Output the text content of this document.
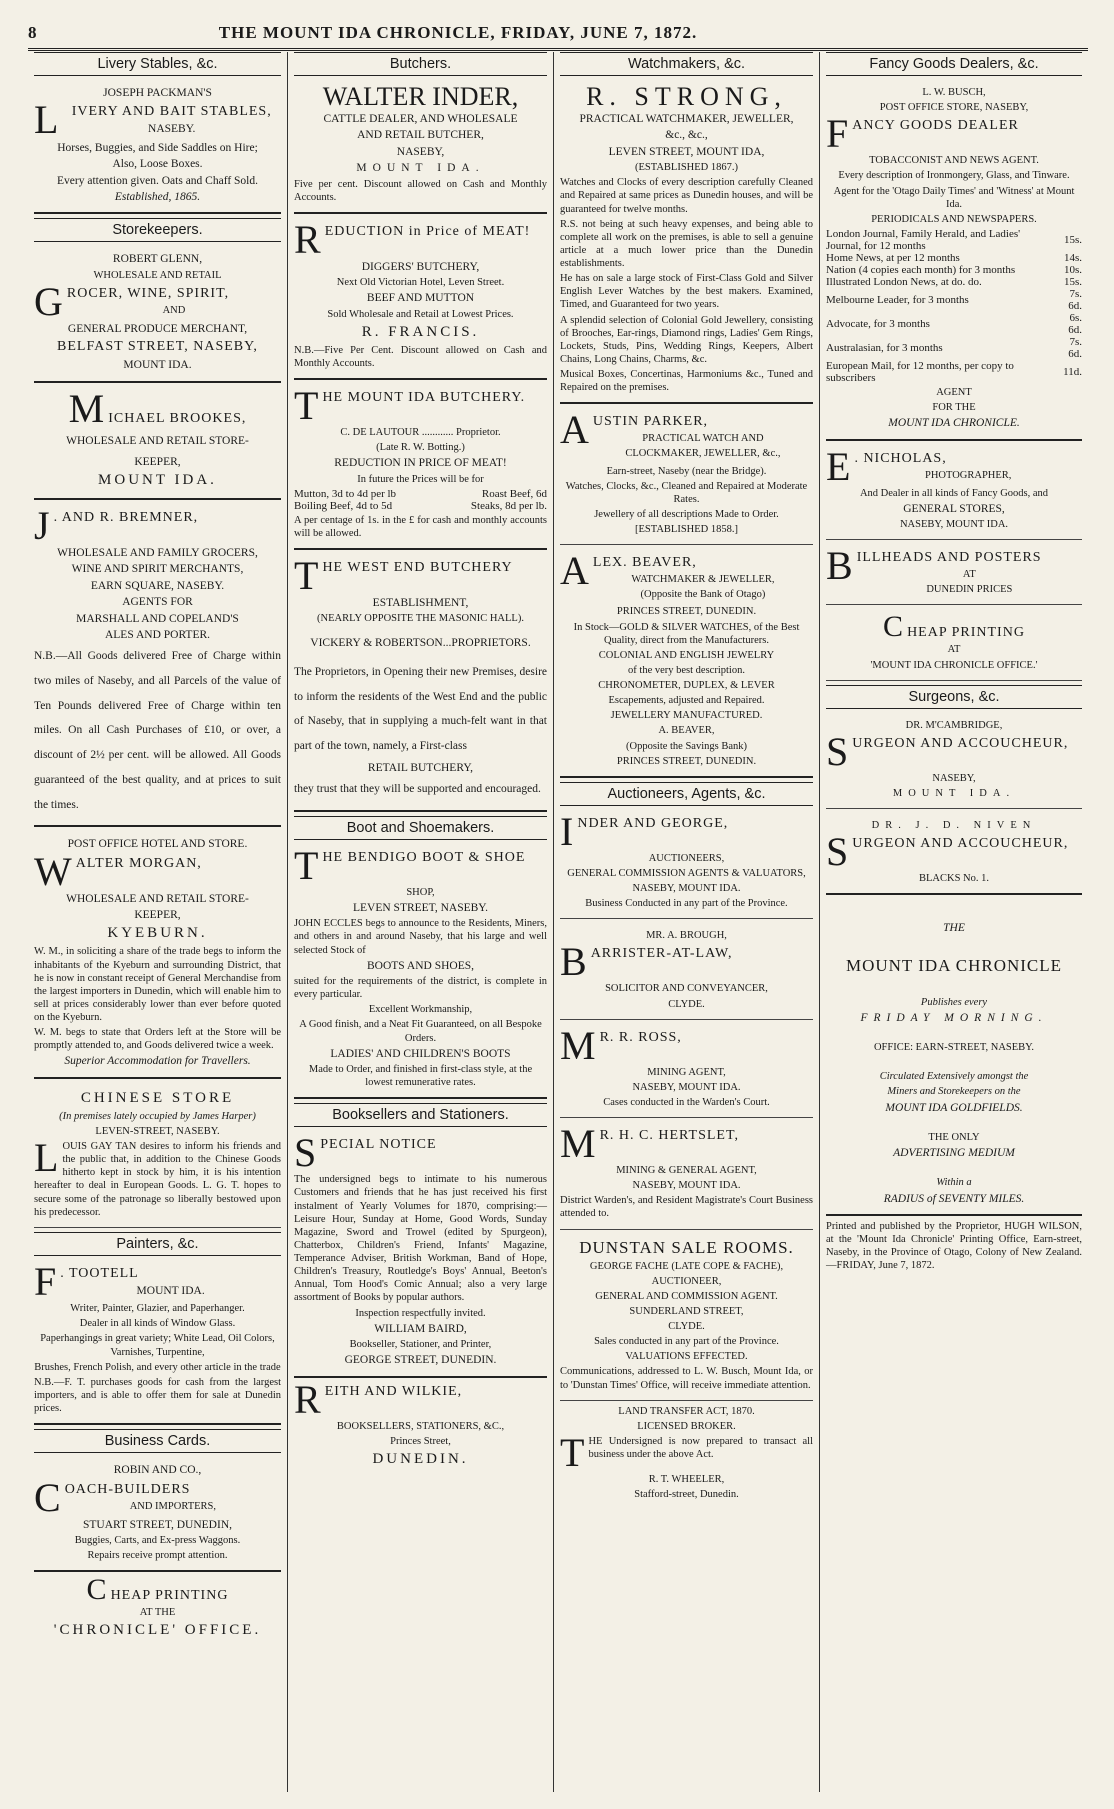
8	THE MOUNT IDA CHRONICLE, FRIDAY, JUNE 7, 1872.
Livery Stables, &c.
JOSEPH PACKMAN'S
LIVERY AND BAIT STABLES,
NASEBY.
Horses, Buggies, and Side Saddles on Hire;
Also, Loose Boxes.
Every attention given. Oats and Chaff Sold.
Established, 1865.
Storekeepers.
ROBERT GLENN,
WHOLESALE AND RETAIL
GROCER, WINE, SPIRIT,
AND
GENERAL PRODUCE MERCHANT,
BELFAST STREET, NASEBY,
MOUNT IDA.
MICHAEL BROOKES,
WHOLESALE AND RETAIL STORE-
KEEPER,
MOUNT IDA.
J . AND R. BREMNER,
WHOLESALE AND FAMILY GROCERS,
WINE AND SPIRIT MERCHANTS,
EARN SQUARE, NASEBY.
AGENTS FOR
MARSHALL AND COPELAND'S
ALES AND PORTER.
N.B.—All Goods delivered Free of Charge within two miles of Naseby, and all Parcels of the value of Ten Pounds delivered Free of Charge within ten miles. On all Cash Purchases of £10, or over, a discount of 2½ per cent. will be allowed. All Goods guaranteed of the best quality, and at prices to suit the times.
POST OFFICE HOTEL AND STORE.
WALTER MORGAN,
WHOLESALE AND RETAIL STORE-
KEEPER,
KYEBURN.
W. M., in soliciting a share of the trade begs to inform the inhabitants of the Kyeburn and surrounding District, that he is now in constant receipt of General Merchandise from the largest importers in Dunedin, which will enable him to sell at prices considerably lower than ever before quoted on the Kyeburn.
W. M. begs to state that Orders left at the Store will be promptly attended to, and Goods delivered twice a week.
Superior Accommodation for Travellers.
CHINESE STORE
(In premises lately occupied by James Harper)
LEVEN-STREET, NASEBY.
LOUIS GAY TAN desires to inform his friends and the public that, in addition to the Chinese Goods hitherto kept in stock by him, it is his intention hereafter to deal in European Goods. L. G. T. hopes to secure some of the patronage so liberally bestowed upon his predecessor.
Painters, &c.
F . TOOTELL
MOUNT IDA.
Writer, Painter, Glazier, and Paperhanger.
Dealer in all kinds of Window Glass.
Paperhangings in great variety; White Lead, Oil Colors, Varnishes, Turpentine,
Brushes, French Polish, and every other article in the trade
N.B.—F. T. purchases goods for cash from the largest importers, and is able to offer them for sale at Dunedin prices.
Business Cards.
ROBIN AND CO.,
COACH-BUILDERS
AND IMPORTERS,
STUART STREET, DUNEDIN,
Buggies, Carts, and Ex-press Waggons.
Repairs receive prompt attention.
CHEAP PRINTING
AT THE
'CHRONICLE' OFFICE.
Butchers.
WALTER INDER,
CATTLE DEALER, AND WHOLESALE
AND RETAIL BUTCHER,
NASEBY,
MOUNT IDA.
Five per cent. Discount allowed on Cash and Monthly Accounts.
REDUCTION in Price of MEAT!
DIGGERS' BUTCHERY,
Next Old Victorian Hotel, Leven Street.
BEEF AND MUTTON
Sold Wholesale and Retail at Lowest Prices.
R. FRANCIS.
N.B.—Five Per Cent. Discount allowed on Cash and Monthly Accounts.
THE MOUNT IDA BUTCHERY.
C. DE LAUTOUR ............ Proprietor.
(Late R. W. Botting.)
REDUCTION IN PRICE OF MEAT!
In future the Prices will be for
Mutton, 3d to 4d per lb	Roast Beef, 6d
Boiling Beef, 4d to 5d	Steaks, 8d per lb.
A per centage of 1s. in the £ for cash and monthly accounts will be allowed.
THE WEST END BUTCHERY
ESTABLISHMENT,
(NEARLY OPPOSITE THE MASONIC HALL).
VICKERY & ROBERTSON...PROPRIETORS.
The Proprietors, in Opening their new Premises, desire to inform the residents of the West End and the public of Naseby, that in supplying a much-felt want in that part of the town, namely, a First-class
RETAIL BUTCHERY,
they trust that they will be supported and encouraged.
Boot and Shoemakers.
THE BENDIGO BOOT & SHOE
SHOP,
LEVEN STREET, NASEBY.
JOHN ECCLES begs to announce to the Residents, Miners, and others in and around Naseby, that his large and well selected Stock of
BOOTS AND SHOES,
suited for the requirements of the district, is complete in every particular.
Excellent Workmanship,
A Good finish, and a Neat Fit Guaranteed, on all Bespoke Orders.
LADIES' AND CHILDREN'S BOOTS
Made to Order, and finished in first-class style, at the lowest remunerative rates.
Booksellers and Stationers.
SPECIAL NOTICE
The undersigned begs to intimate to his numerous Customers and friends that he has just received his first instalment of Yearly Volumes for 1870, comprising:—Leisure Hour, Sunday at Home, Good Words, Sunday Magazine, Sword and Trowel (edited by Spurgeon), Chatterbox, Children's Friend, Infants' Magazine, Temperance Adviser, British Workman, Band of Hope, Children's Treasury, Routledge's Boys' Annual, Beeton's Annual, Tom Hood's Comic Annual; also a very large assortment of Books by popular authors.
Inspection respectfully invited.
WILLIAM BAIRD,
Bookseller, Stationer, and Printer,
GEORGE STREET, DUNEDIN.
REITH AND WILKIE,
BOOKSELLERS, STATIONERS, &C.,
Princes Street,
DUNEDIN.
Watchmakers, &c.
R. STRONG,
PRACTICAL WATCHMAKER, JEWELLER,
&c., &c.,
LEVEN STREET, MOUNT IDA,
(ESTABLISHED 1867.)
Watches and Clocks of every description carefully Cleaned and Repaired at same prices as Dunedin houses, and will be guaranteed for twelve months.
R.S. not being at such heavy expenses, and being able to complete all work on the premises, is able to sell a genuine article at a much lower price than the Dunedin establishments.
He has on sale a large stock of First-Class Gold and Silver English Lever Watches by the best makers. Examined, Timed, and Guaranteed for two years.
A splendid selection of Colonial Gold Jewellery, consisting of Brooches, Ear-rings, Diamond rings, Ladies' Gem Rings, Lockets, Studs, Pins, Wedding Rings, Keepers, Albert Chains, Long Chains, Charms, &c.
Musical Boxes, Concertinas, Harmoniums &c., Tuned and Repaired on the premises.
AUSTIN PARKER,
PRACTICAL WATCH AND
CLOCKMAKER, JEWELLER, &c.,
Earn-street, Naseby (near the Bridge).
Watches, Clocks, &c., Cleaned and Repaired at Moderate Rates.
Jewellery of all descriptions Made to Order.
[ESTABLISHED 1858.]
ALEX. BEAVER,
WATCHMAKER & JEWELLER,
(Opposite the Bank of Otago)
PRINCES STREET, DUNEDIN.
In Stock—GOLD & SILVER WATCHES, of the Best Quality, direct from the Manufacturers.
COLONIAL AND ENGLISH JEWELRY
of the very best description.
CHRONOMETER, DUPLEX, & LEVER
Escapements, adjusted and Repaired.
JEWELLERY MANUFACTURED.
A. BEAVER,
(Opposite the Savings Bank)
PRINCES STREET, DUNEDIN.
Auctioneers, Agents, &c.
INDER AND GEORGE,
AUCTIONEERS,
GENERAL COMMISSION AGENTS & VALUATORS,
NASEBY, MOUNT IDA.
Business Conducted in any part of the Province.
MR. A. BROUGH,
BARRISTER-AT-LAW,
SOLICITOR AND CONVEYANCER,
CLYDE.
M R. R. ROSS,
MINING AGENT,
NASEBY, MOUNT IDA.
Cases conducted in the Warden's Court.
M R. H. C. HERTSLET,
MINING & GENERAL AGENT,
NASEBY, MOUNT IDA.
District Warden's, and Resident Magistrate's Court Business attended to.
DUNSTAN SALE ROOMS.
GEORGE FACHE (LATE COPE & FACHE),
AUCTIONEER,
GENERAL AND COMMISSION AGENT.
SUNDERLAND STREET,
CLYDE.
Sales conducted in any part of the Province.
VALUATIONS EFFECTED.
Communications, addressed to L. W. Busch, Mount Ida, or to 'Dunstan Times' Office, will receive immediate attention.
LAND TRANSFER ACT, 1870.
LICENSED BROKER.
THE Undersigned is now prepared to transact all business under the above Act.
R. T. WHEELER,
Stafford-street, Dunedin.
Fancy Goods Dealers, &c.
L. W. BUSCH,
POST OFFICE STORE, NASEBY,
FANCY GOODS DEALER
TOBACCONIST AND NEWS AGENT.
Every description of Ironmongery, Glass, and Tinware.
Agent for the 'Otago Daily Times' and 'Witness' at Mount Ida.
PERIODICALS AND NEWSPAPERS.
London Journal, Family Herald, and Ladies' Journal, for 12 months	15s.
Home News, at per 12 months	14s.
Nation (4 copies each month) for 3 months	10s.
Illustrated London News, at do. do.	15s.
Melbourne Leader, for 3 months	7s. 6d.
Advocate, for 3 months	6s. 6d.
Australasian, for 3 months	7s. 6d.
European Mail, for 12 months, per copy to subscribers	11d.
AGENT
FOR THE
MOUNT IDA CHRONICLE.
E . NICHOLAS,
PHOTOGRAPHER,
And Dealer in all kinds of Fancy Goods, and
GENERAL STORES,
NASEBY, MOUNT IDA.
BILLHEADS AND POSTERS
AT
DUNEDIN PRICES
CHEAP PRINTING
AT
'MOUNT IDA CHRONICLE OFFICE.'
Surgeons, &c.
DR. M'CAMBRIDGE,
SURGEON AND ACCOUCHEUR,
NASEBY,
MOUNT IDA.
DR. J. D. NIVEN
SURGEON AND ACCOUCHEUR,
BLACKS No. 1.
THE
MOUNT IDA CHRONICLE
Publishes every
FRIDAY MORNING.
OFFICE: EARN-STREET, NASEBY.
Circulated Extensively amongst the
Miners and Storekeepers on the
MOUNT IDA GOLDFIELDS.
THE ONLY
ADVERTISING MEDIUM
Within a
RADIUS of SEVENTY MILES.
Printed and published by the Proprietor, HUGH WILSON, at the 'Mount Ida Chronicle' Printing Office, Earn-street, Naseby, in the Province of Otago, Colony of New Zealand. —FRIDAY, June 7, 1872.
